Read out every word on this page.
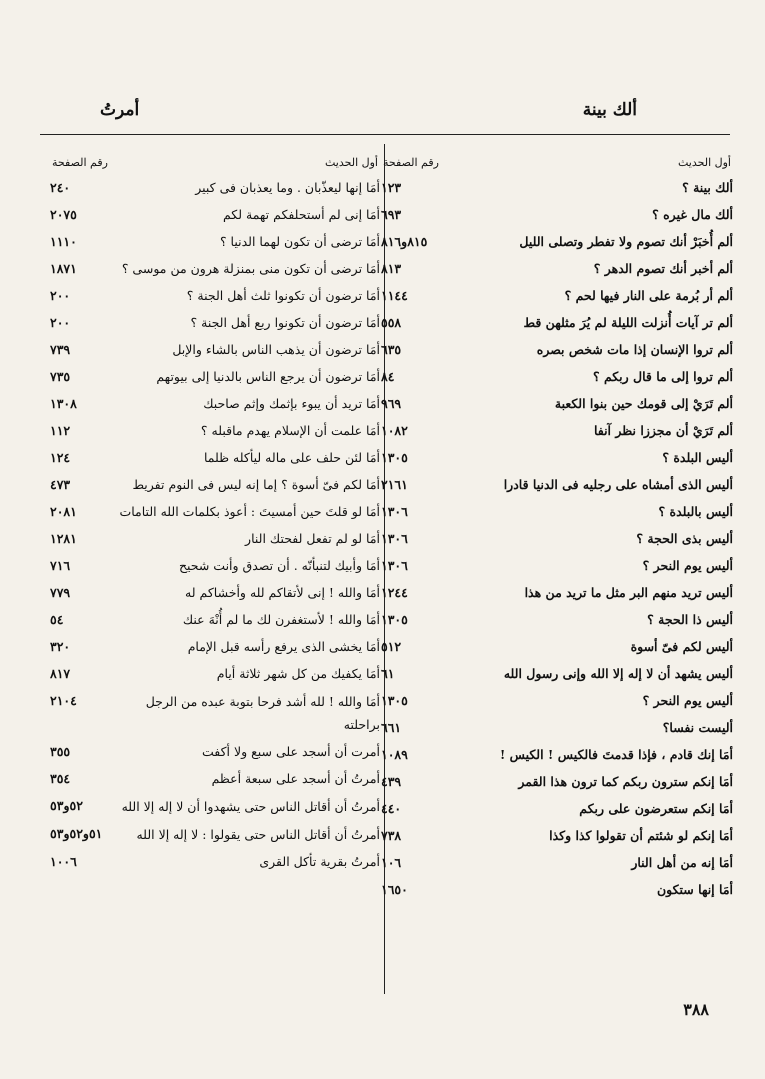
ألك بينة
أمرتُ
أول الحديث
رقم الصفحة
ألك بينة ؟
١٢٣
ألك مال غيره ؟
٦٩٣
ألم أُخبَرْ أنك تصوم ولا تفطر وتصلى الليل
٨١٥و٨١٦
ألم أخبر أنك تصوم الدهر ؟
٨١٣
ألم أر بُرمة على النار فيها لحم ؟
١١٤٤
ألم تر آيات أُنزلت الليلة لم يُرَ مثلهن قط
٥٥٨
ألم تروا الإنسان إذا مات شخص بصره
٦٣٥
ألم تروا إلى ما قال ربكم ؟
٨٤
ألم تَرَيْ إلى قومك حين بنوا الكعبة
٩٦٩
ألم تَرَيْ أن مجززا نظر آنفا
١٠٨٢
أليس البلدة ؟
١٣٠٥
أليس الذى أمشاه على رجليه فى الدنيا قادرا
٢١٦١
أليس بالبلدة ؟
١٣٠٦
أليس بذى الحجة ؟
١٣٠٦
أليس يوم النحر ؟
١٣٠٦
أليس تريد منهم البر مثل ما تريد من هذا
١٢٤٤
أليس ذا الحجة ؟
١٣٠٥
أليس لكم فىّ أسوة
٥١٢
أليس يشهد أن لا إله إلا الله وإنى رسول الله
٦١
أليس يوم النحر ؟
١٣٠٥
أليست نفسا؟
٦٦١
أمَا إنك قادم ، فإذا قدمتَ فالكيس ! الكيس !
١٠٨٩
أمَا إنكم سترون ربكم كما ترون هذا القمر
٤٣٩
أمَا إنكم ستعرضون على ربكم
٤٤٠
أمَا إنكم لو شئتم أن تقولوا كذا وكذا
٧٣٨
أمَا إنه من أهل النار
١٠٦
أمَا إنها ستكون
١٦٥٠
أول الحديث
رقم الصفحة
أمَا إنها ليعذّبان . وما يعذبان فى كبير
٢٤٠
أمَا إنى لم أستحلفكم تهمة لكم
٢٠٧٥
أمَا ترضى أن تكون لهما الدنيا ؟
١١١٠
أمَا ترضى أن تكون منى بمنزلة هرون من موسى ؟
١٨٧١
أمَا ترضون أن تكونوا ثلث أهل الجنة ؟
٢٠٠
أمَا ترضون أن تكونوا ربع أهل الجنة ؟
٢٠٠
أمَا ترضون أن يذهب الناس بالشاء والإبل
٧٣٩
أمَا ترضون أن يرجع الناس بالدنيا إلى بيوتهم
٧٣٥
أمَا تريد أن يبوء بإثمك وإثم صاحبك
١٣٠٨
أمَا علمت أن الإسلام يهدم ماقبله ؟
١١٢
أمَا لئن حلف على ماله ليأكله ظلما
١٢٤
أمَا لكم فىّ أسوة ؟ إما إنه ليس فى النوم تفريط
٤٧٣
أمَا لو قلتَ حين أمسيتَ : أعوذ بكلمات الله التامات
٢٠٨١
أمَا لو لم تفعل لفحتك النار
١٢٨١
أمَا وأبيك لتنبأنّه . أن تصدق وأنت شحيح
٧١٦
أمَا والله ! إنى لأتقاكم لله وأخشاكم له
٧٧٩
أمَا والله ! لأستغفرن لك ما لم أُنْهَ عنك
٥٤
أمَا يخشى الذى يرفع رأسه قبل الإمام
٣٢٠
أمَا يكفيك من كل شهر ثلاثة أيام
٨١٧
أمَا والله ! لله أشد فرحا بتوبة عبده من الرجل براحلته
٢١٠٤
أمرت أن أسجد على سبع ولا أكفت
٣٥٥
أمرتُ أن أسجد على سبعة أعظم
٣٥٤
أمرتُ أن أقاتل الناس حتى يشهدوا أن لا إله إلا الله
٥٢و٥٣
أمرتُ أن أقاتل الناس حتى يقولوا : لا إله إلا الله
٥١و٥٢و٥٣
أمرتُ بقرية تأكل القرى
١٠٠٦
٣٨٨
